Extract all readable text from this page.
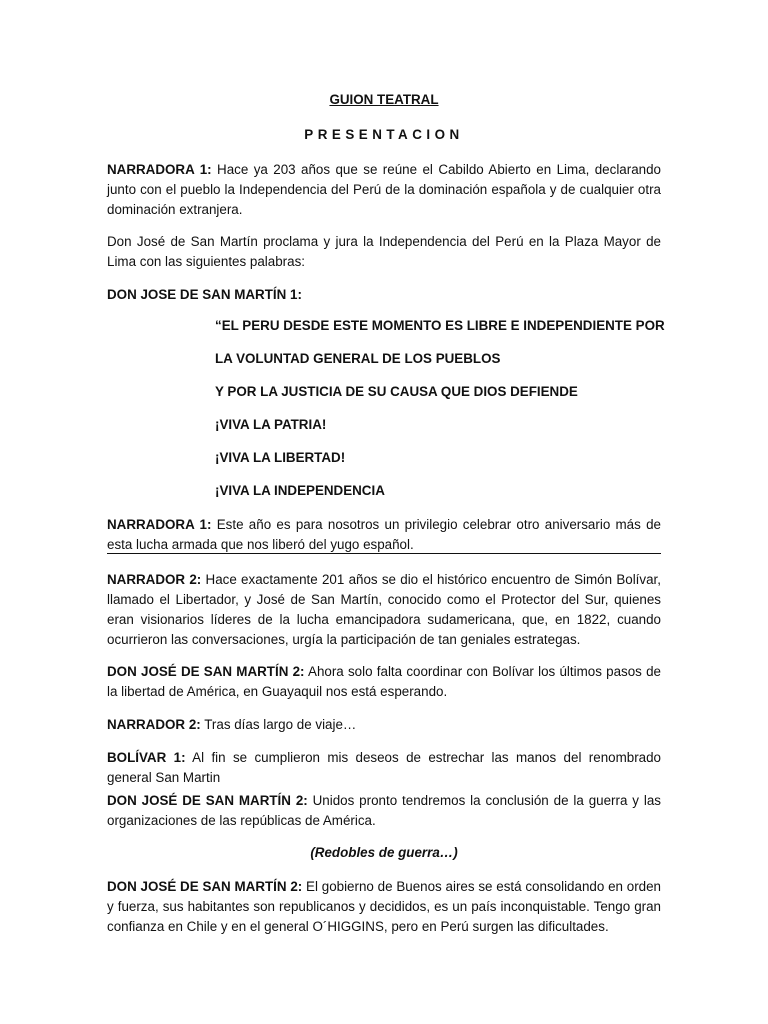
GUION TEATRAL
PRESENTACION

NARRADORA 1: Hace ya 203 años que se reúne el Cabildo Abierto en Lima, declarando junto con el pueblo la Independencia del Perú de la dominación española y de cualquier otra dominación extranjera.

Don José de San Martín proclama y jura la Independencia del Perú en la Plaza Mayor de Lima con las siguientes palabras:

DON JOSE DE SAN MARTÍN 1:

“EL PERU DESDE ESTE MOMENTO ES LIBRE E INDEPENDIENTE POR
LA VOLUNTAD GENERAL DE LOS PUEBLOS
Y POR LA JUSTICIA DE SU CAUSA QUE DIOS DEFIENDE
¡VIVA LA PATRIA!
¡VIVA LA LIBERTAD!
¡VIVA LA INDEPENDENCIA

NARRADORA 1: Este año es para nosotros un privilegio celebrar otro aniversario más de esta lucha armada que nos liberó del yugo español.

NARRADOR 2: Hace exactamente 201 años se dio el histórico encuentro de Simón Bolívar, llamado el Libertador, y José de San Martín, conocido como el Protector del Sur, quienes eran visionarios líderes de la lucha emancipadora sudamericana, que, en 1822, cuando ocurrieron las conversaciones, urgía la participación de tan geniales estrategas.

DON JOSÉ DE SAN MARTÍN 2: Ahora solo falta coordinar con Bolívar los últimos pasos de la libertad de América, en Guayaquil nos está esperando.

NARRADOR 2: Tras días largo de viaje…

BOLÍVAR 1: Al fin se cumplieron mis deseos de estrechar las manos del renombrado general San Martin

DON JOSÉ DE SAN MARTÍN 2: Unidos pronto tendremos la conclusión de la guerra y las organizaciones de las repúblicas de América.

(Redobles de guerra…)

DON JOSÉ DE SAN MARTÍN 2: El gobierno de Buenos aires se está consolidando en orden y fuerza, sus habitantes son republicanos y decididos, es un país inconquistable. Tengo gran confianza en Chile y en el general O´HIGGINS, pero en Perú surgen las dificultades.
